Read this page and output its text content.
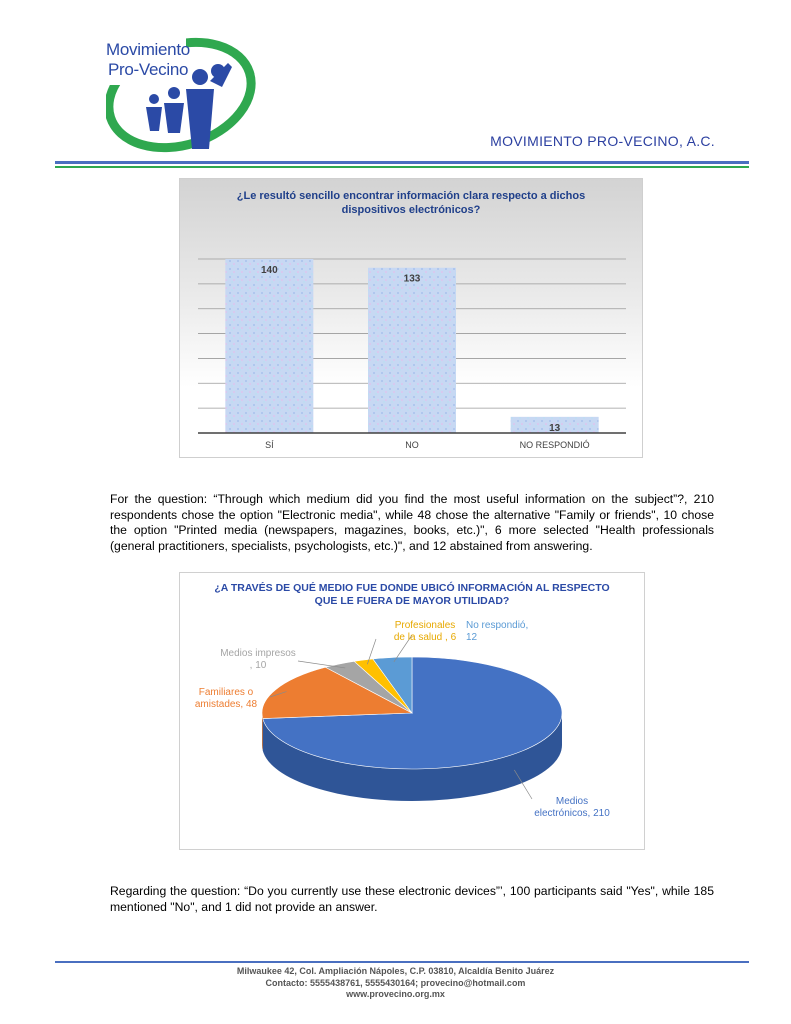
Movimiento
Pro-Vecino
MOVIMIENTO PRO-VECINO, A.C.
140
SÍ
133
NO
13
NO RESPONDIÓ
¿Le resultó sencillo encontrar información clara respecto a dichos dispositivos electrónicos?
For the question: “Through which medium did you find the most useful information on the subject”?, 210 respondents chose the option "Electronic media", while 48 chose the alternative "Family or friends", 10 chose the option "Printed media (newspapers, magazines, books, etc.)", 6 more selected "Health professionals (general practitioners, specialists, psychologists, etc.)", and 12 abstained from answering.
¿A TRAVÉS DE QUÉ MEDIO FUE DONDE UBICÓ INFORMACIÓN AL RESPECTO QUE LE FUERA DE MAYOR UTILIDAD?
Profesionales de la salud , 6
Medios impresos , 10
Familiares o amistades, 48
No respondió, 12
Medios electrónicos, 210
Regarding the question: “Do you currently use these electronic devices”’, 100 participants said "Yes", while 185 mentioned "No", and 1 did not provide an answer.
Milwaukee 42, Col. Ampliación Nápoles, C.P. 03810, Alcaldía Benito Juárez
Contacto: 5555438761, 5555430164; provecino@hotmail.com
www.provecino.org.mx
